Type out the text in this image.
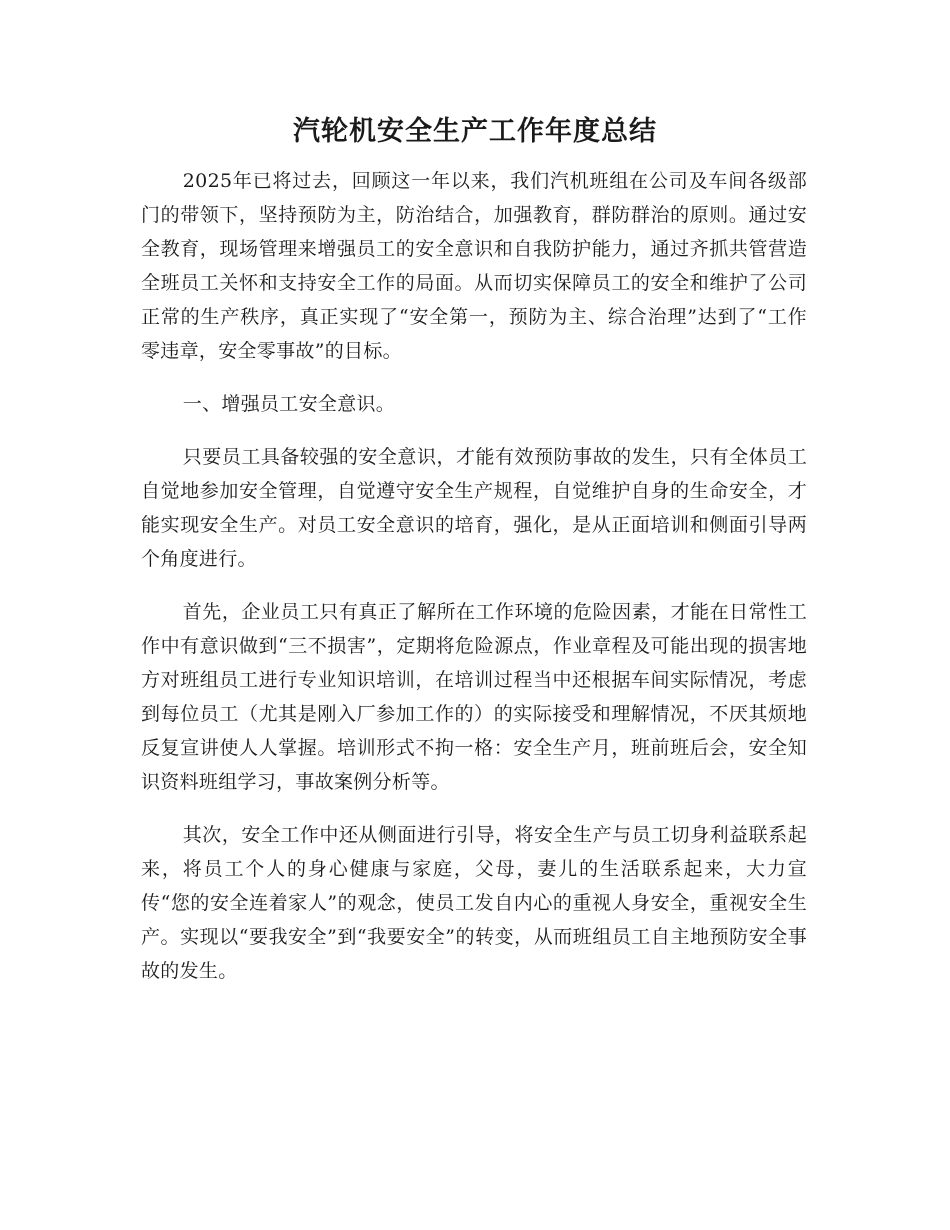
汽轮机安全生产工作年度总结

2025年已将过去，回顾这一年以来，我们汽机班组在公司及车间各级部门的带领下，坚持预防为主，防治结合，加强教育，群防群治的原则。通过安全教育，现场管理来增强员工的安全意识和自我防护能力，通过齐抓共管营造全班员工关怀和支持安全工作的局面。从而切实保障员工的安全和维护了公司正常的生产秩序，真正实现了“安全第一，预防为主、综合治理”达到了“工作零违章，安全零事故”的目标。

一、增强员工安全意识。

只要员工具备较强的安全意识，才能有效预防事故的发生，只有全体员工自觉地参加安全管理，自觉遵守安全生产规程，自觉维护自身的生命安全，才能实现安全生产。对员工安全意识的培育，强化，是从正面培训和侧面引导两个角度进行。

首先，企业员工只有真正了解所在工作环境的危险因素，才能在日常性工作中有意识做到“三不损害”，定期将危险源点，作业章程及可能出现的损害地方对班组员工进行专业知识培训，在培训过程当中还根据车间实际情况，考虑到每位员工（尤其是刚入厂参加工作的）的实际接受和理解情况，不厌其烦地反复宣讲使人人掌握。培训形式不拘一格：安全生产月，班前班后会，安全知识资料班组学习，事故案例分析等。

其次，安全工作中还从侧面进行引导，将安全生产与员工切身利益联系起来，将员工个人的身心健康与家庭，父母，妻儿的生活联系起来，大力宣传“您的安全连着家人”的观念，使员工发自内心的重视人身安全，重视安全生产。实现以“要我安全”到“我要安全”的转变，从而班组员工自主地预防安全事故的发生。
